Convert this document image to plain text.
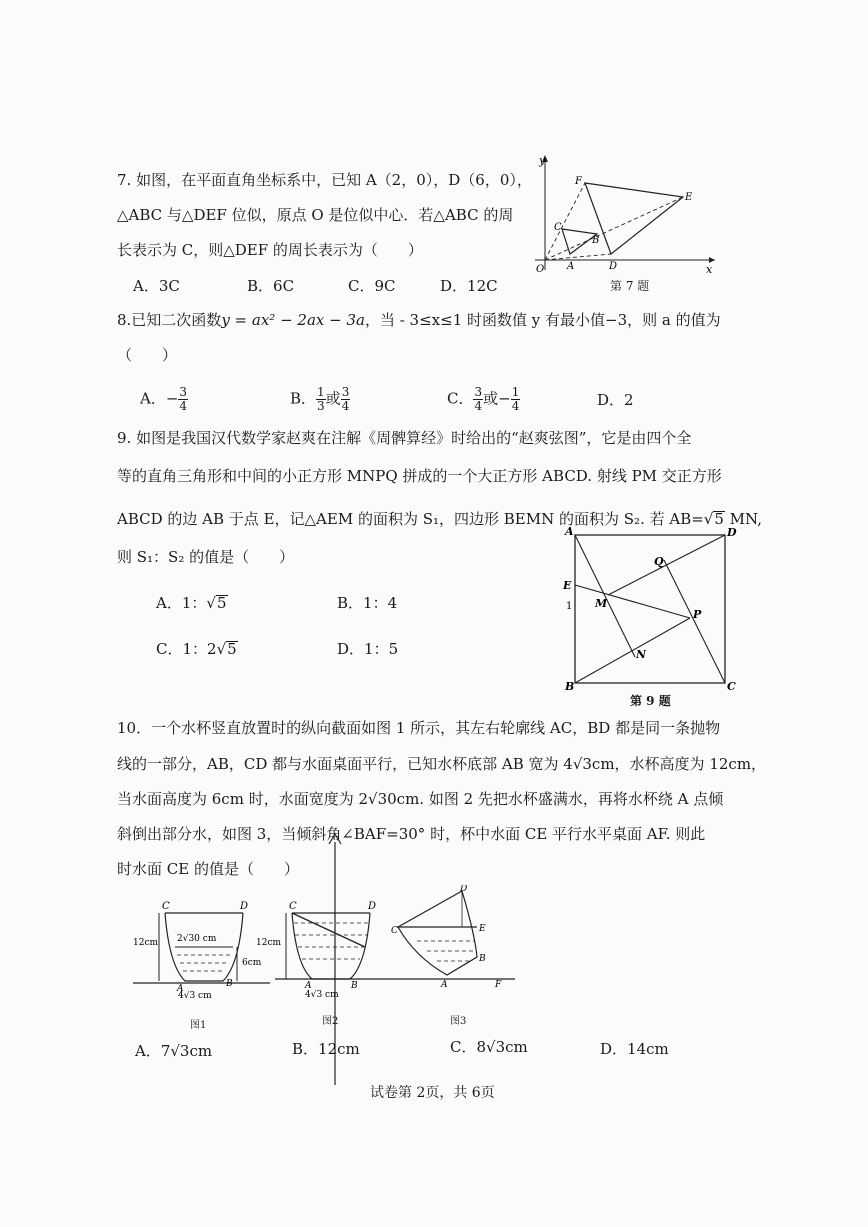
7. 如图，在平面直角坐标系中，已知 A（2，0），D（6，0），
△ABC 与△DEF 位似，原点 O 是位似中心．若△ABC 的周
长表示为 C，则△DEF 的周长表示为（　　）
A．3C	B．6C	C．9C	D．12C
y
x
O A	D
B
C
E
F
第 7 题
8.已知二次函数y = ax² − 2ax − 3a，当 - 3≤x≤1 时函数值 y 有最小值−3，则 a 的值为
（　　）
A．− $\frac{3}{4}$	B． $\frac{1}{3}$ 或 $\frac{3}{4}$	C． $\frac{3}{4}$ 或− $\frac{1}{4}$	D．2
9. 如图是我国汉代数学家赵爽在注解《周髀算经》时给出的“赵爽弦图”，它是由四个全
等的直角三角形和中间的小正方形 MNPQ 拼成的一个大正方形 ABCD. 射线 PM 交正方形
ABCD 的边 AB 于点 E，记△AEM 的面积为 S₁，四边形 BEMN 的面积为 S₂. 若 AB=√5 MN,
则 S₁：S₂ 的值是（　　）
A．1：√5	B．1：4
C．1：2√5	D．1：5
A	D
B	C
E
1 M
N
P
Q
第 9 题
10．一个水杯竖直放置时的纵向截面如图 1 所示，其左右轮廓线 AC，BD 都是同一条抛物
线的一部分，AB，CD 都与水面桌面平行，已知水杯底部 AB 宽为 4√3cm，水杯高度为 12cm，
当水面高度为 6cm 时，水面宽度为 2√30cm. 如图 2 先把水杯盛满水，再将水杯绕 A 点倾
斜倒出部分水，如图 3，当倾斜角∠BAF=30° 时，杯中水面 CE 平行水平桌面 AF. 则此
时水面 CE 的值是（　　）
C	D
12cm 2√30 cm
6cm
A	B
4√3 cm
C	D
12cm
A	B
4√3 cm
C
D
E
B
A	F
图1	图2	图3
A．7√3cm	B．12cm	C．8√3cm	D．14cm
试卷第 2页，共 6页
